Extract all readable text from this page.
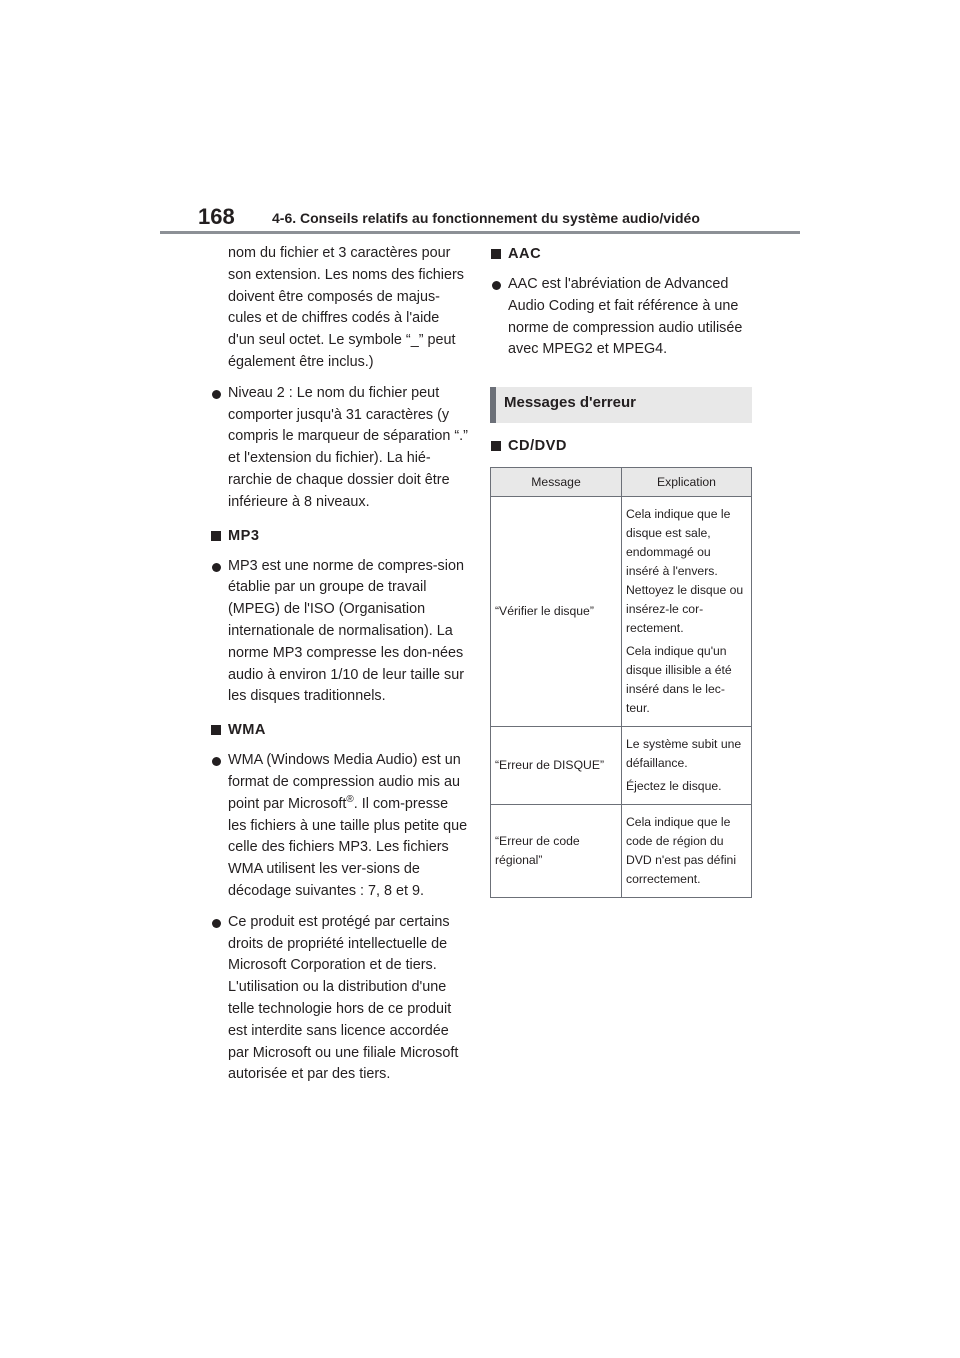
168	4-6. Conseils relatifs au fonctionnement du système audio/vidéo

nom du fichier et 3 caractères pour son extension. Les noms des fichiers doivent être composés de majus-cules et de chiffres codés à l'aide d'un seul octet. Le symbole “_” peut également être inclus.)

Niveau 2 : Le nom du fichier peut comporter jusqu'à 31 caractères (y compris le marqueur de séparation “.” et l'extension du fichier). La hié-rarchie de chaque dossier doit être inférieure à 8 niveaux.
MP3
MP3 est une norme de compres-sion établie par un groupe de travail (MPEG) de l'ISO (Organisation internationale de normalisation). La norme MP3 compresse les don-nées audio à environ 1/10 de leur taille sur les disques traditionnels.
WMA
WMA (Windows Media Audio) est un format de compression audio mis au point par Microsoft®. Il com-presse les fichiers à une taille plus petite que celle des fichiers MP3. Les fichiers WMA utilisent les ver-sions de décodage suivantes : 7, 8 et 9.
Ce produit est protégé par certains droits de propriété intellectuelle de Microsoft Corporation et de tiers. L'utilisation ou la distribution d'une telle technologie hors de ce produit est interdite sans licence accordée par Microsoft ou une filiale Microsoft autorisée et par des tiers.
AAC
AAC est l'abréviation de Advanced Audio Coding et fait référence à une norme de compression audio utilisée avec MPEG2 et MPEG4.
Messages d'erreur
CD/DVD
Message	Explication
“Vérifier le disque”	Cela indique que le disque est sale, endommagé ou inséré à l'envers. Nettoyez le disque ou insérez-le cor-rectement.

Cela indique qu'un disque illisible a été inséré dans le lec-teur.

“Erreur de DISQUE”	Le système subit une défaillance.

Éjectez le disque.

“Erreur de code régional”	Cela indique que le code de région du DVD n'est pas défini correctement.
